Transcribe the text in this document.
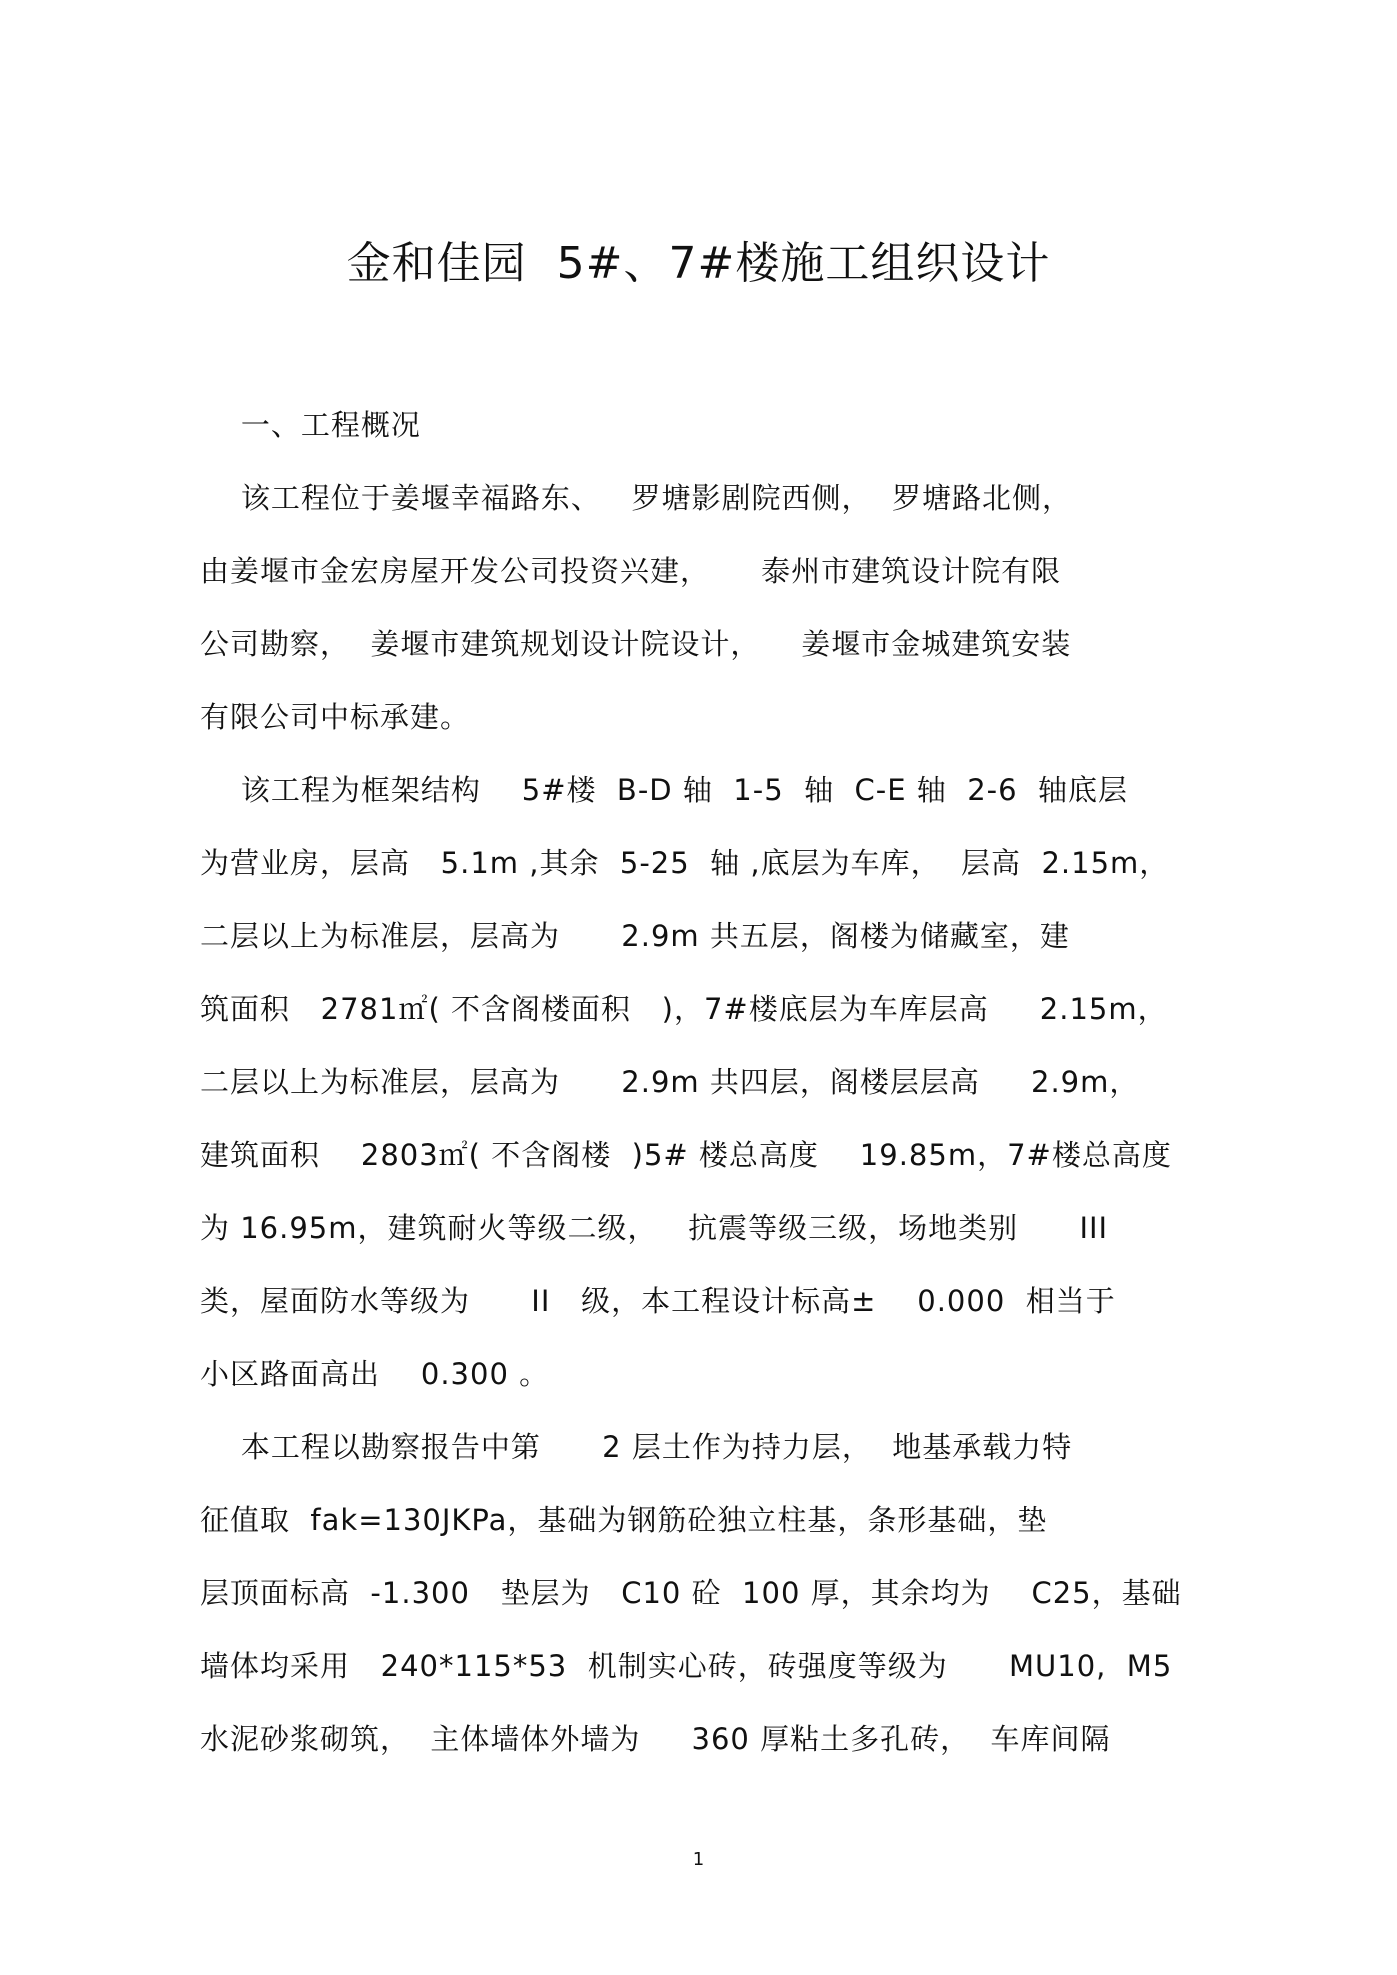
金和佳园  5#、7#楼施工组织设计
一、工程概况
该工程位于姜堰幸福路东、   罗塘影剧院西侧，  罗塘路北侧，
由姜堰市金宏房屋开发公司投资兴建，     泰州市建筑设计院有限
公司勘察，  姜堰市建筑规划设计院设计，    姜堰市金城建筑安装
有限公司中标承建。
该工程为框架结构    5#楼  B-D 轴  1-5  轴  C-E 轴  2-6  轴底层
为营业房，层高   5.1m ,其余  5-25  轴 ,底层为车库，  层高  2.15m，
二层以上为标准层，层高为      2.9m 共五层，阁楼为储藏室，建
筑面积   2781㎡( 不含阁楼面积   )，7#楼底层为车库层高     2.15m，
二层以上为标准层，层高为      2.9m 共四层，阁楼层层高     2.9m，
建筑面积    2803㎡( 不含阁楼  )5# 楼总高度    19.85m，7#楼总高度
为 16.95m，建筑耐火等级二级，   抗震等级三级，场地类别      III
类，屋面防水等级为      II   级，本工程设计标高±    0.000  相当于
小区路面高出    0.300 。
本工程以勘察报告中第      2 层土作为持力层，  地基承载力特
征值取  fak=130JKPa，基础为钢筋砼独立柱基，条形基础，垫
层顶面标高  -1.300   垫层为   C10 砼  100 厚，其余均为    C25，基础
墙体均采用   240*115*53  机制实心砖，砖强度等级为      MU10,  M5
水泥砂浆砌筑，  主体墙体外墙为     360 厚粘土多孔砖，  车库间隔
1
